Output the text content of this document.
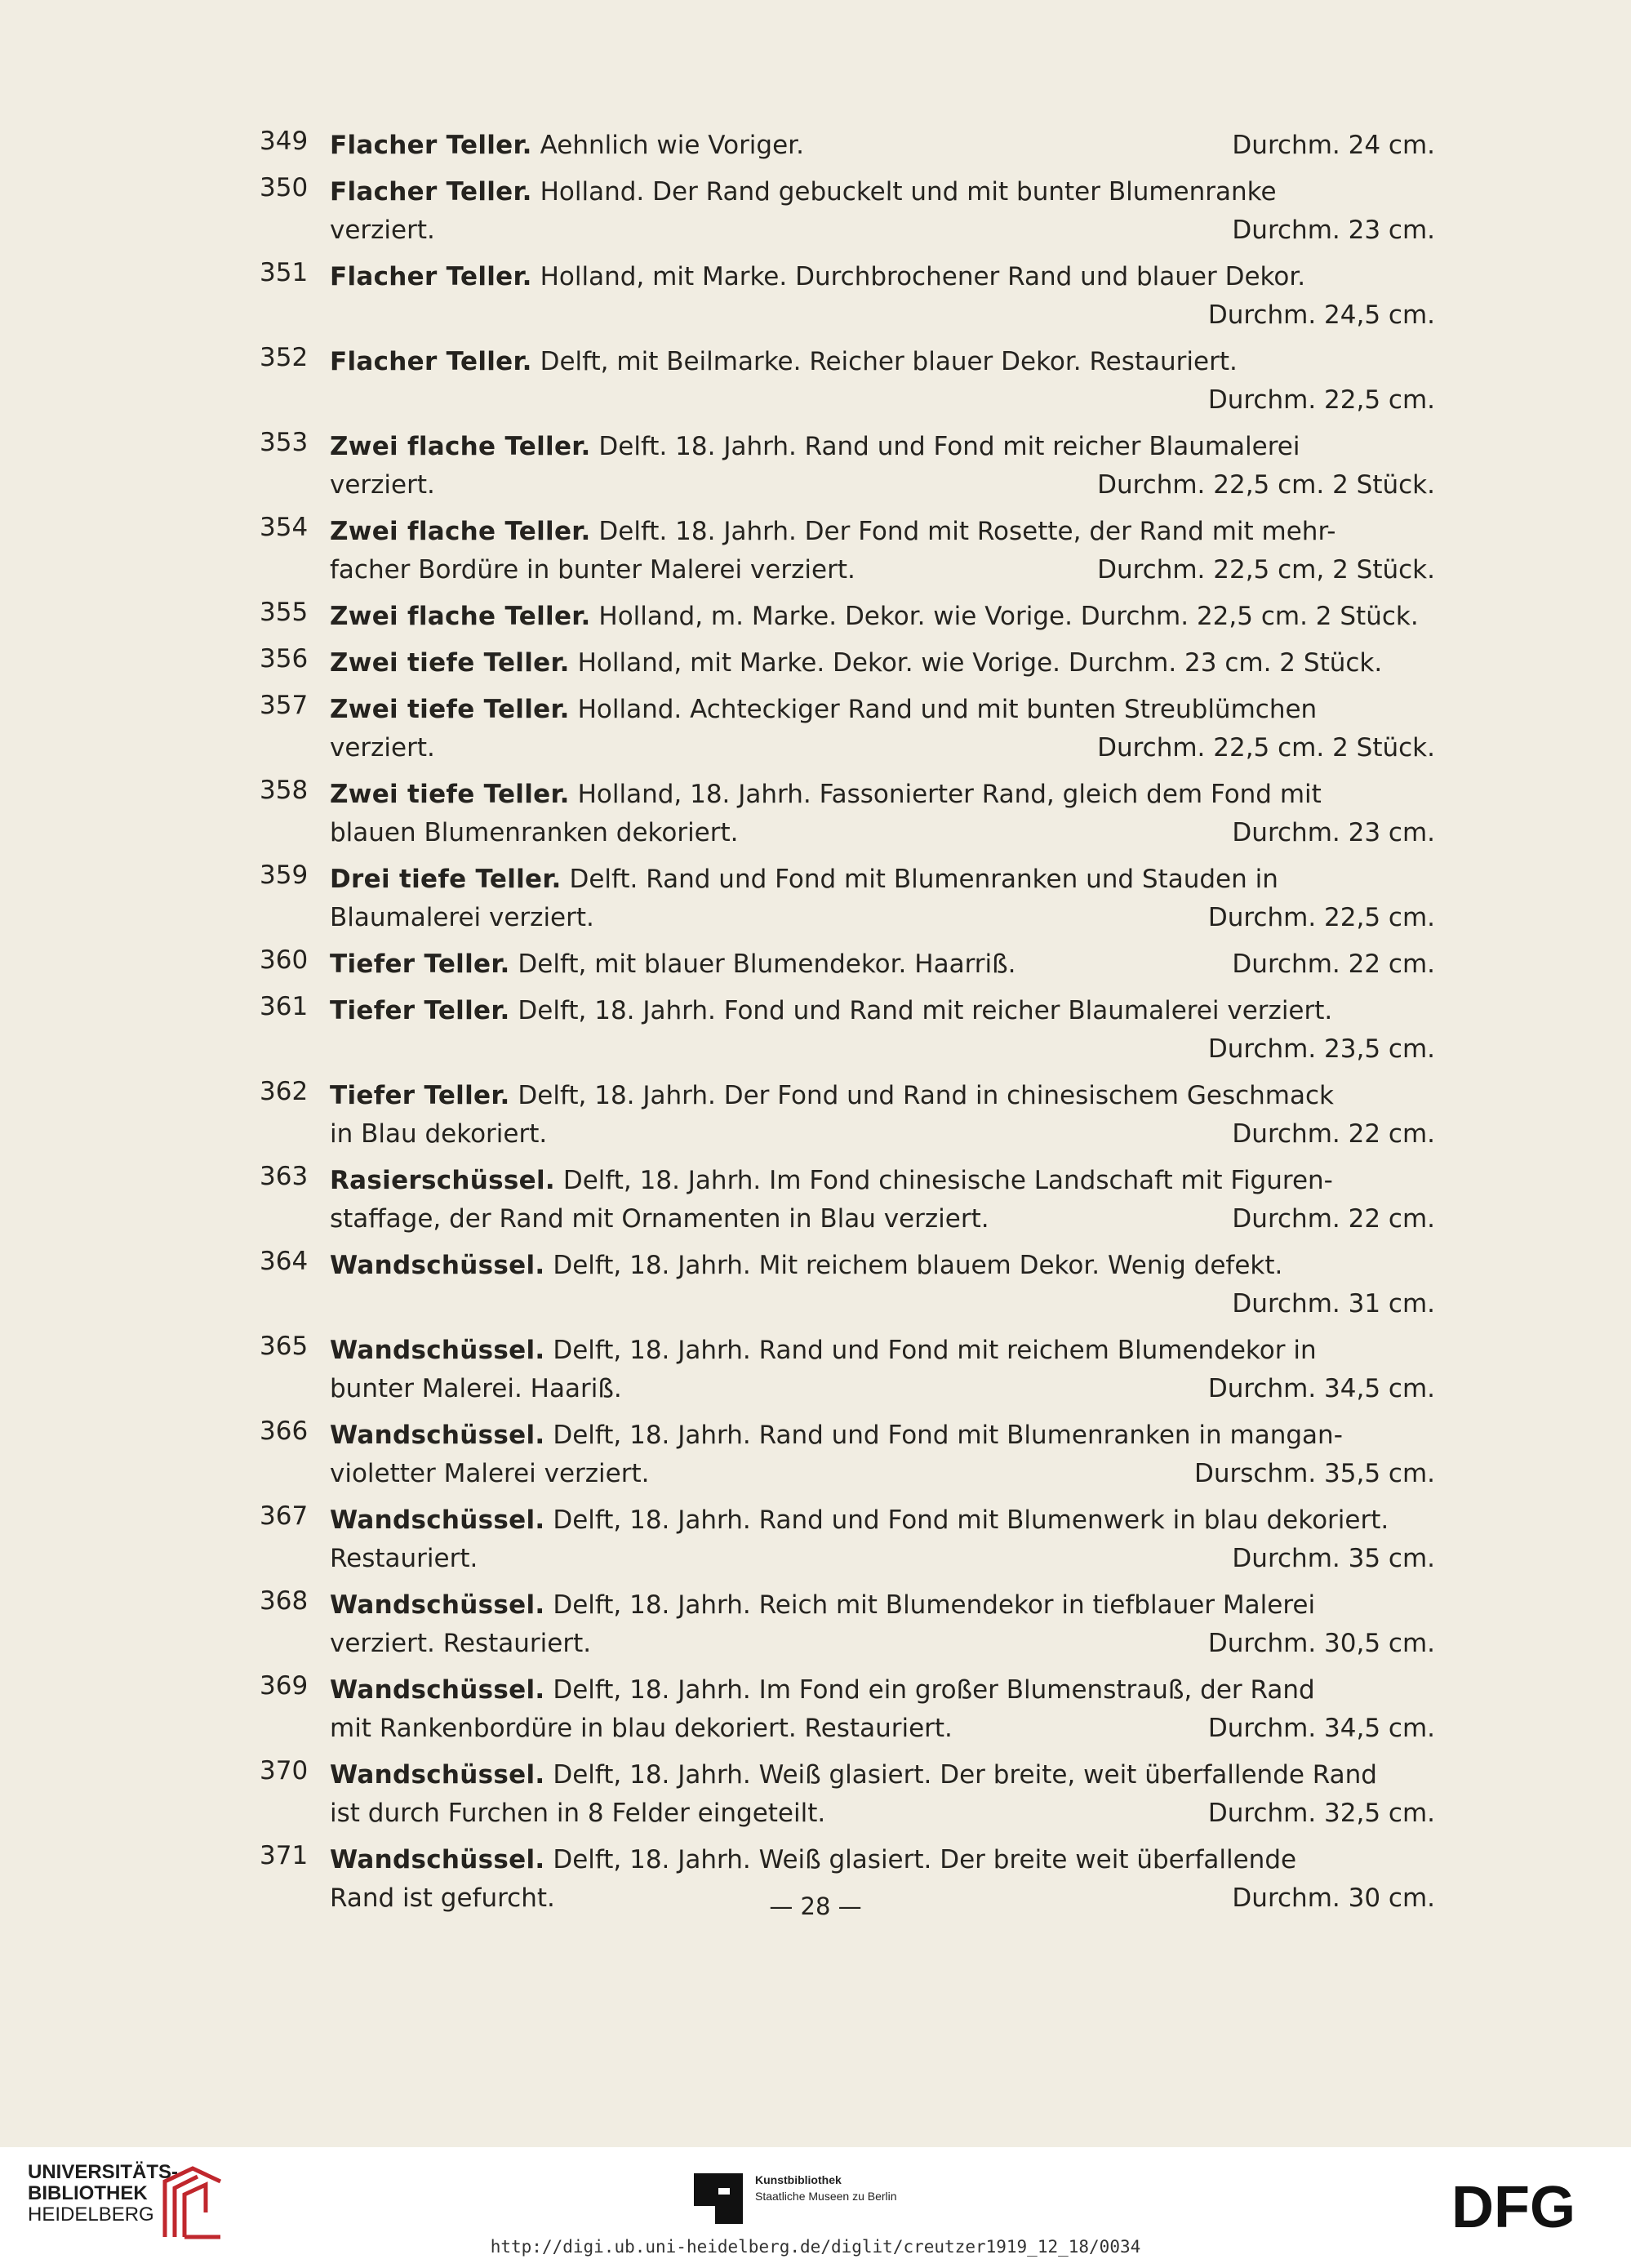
349 Flacher Teller. Aehnlich wie Voriger.	Durchm. 24 cm.
350 Flacher Teller. Holland. Der Rand gebuckelt und mit bunter Blumenranke
verziert.	Durchm. 23 cm.
351 Flacher Teller. Holland, mit Marke. Durchbrochener Rand und blauer Dekor.
Durchm. 24,5 cm.
352 Flacher Teller. Delft, mit Beilmarke. Reicher blauer Dekor. Restauriert.
Durchm. 22,5 cm.
353 Zwei flache Teller. Delft. 18. Jahrh. Rand und Fond mit reicher Blaumalerei
verziert.	Durchm. 22,5 cm. 2 Stück.
354 Zwei flache Teller. Delft. 18. Jahrh. Der Fond mit Rosette, der Rand mit mehr-
facher Bordüre in bunter Malerei verziert.	Durchm. 22,5 cm, 2 Stück.
355 Zwei flache Teller. Holland, m. Marke. Dekor. wie Vorige. Durchm. 22,5 cm. 2 Stück.
356 Zwei tiefe Teller. Holland, mit Marke. Dekor. wie Vorige. Durchm. 23 cm. 2 Stück.
357 Zwei tiefe Teller. Holland. Achteckiger Rand und mit bunten Streublümchen
verziert.	Durchm. 22,5 cm. 2 Stück.
358 Zwei tiefe Teller. Holland, 18. Jahrh. Fassonierter Rand, gleich dem Fond mit
blauen Blumenranken dekoriert.	Durchm. 23 cm.
359 Drei tiefe Teller. Delft. Rand und Fond mit Blumenranken und Stauden in
Blaumalerei verziert.	Durchm. 22,5 cm.
360 Tiefer Teller. Delft, mit blauer Blumendekor. Haarriß.	Durchm. 22 cm.
361 Tiefer Teller. Delft, 18. Jahrh. Fond und Rand mit reicher Blaumalerei verziert.
Durchm. 23,5 cm.
362 Tiefer Teller. Delft, 18. Jahrh. Der Fond und Rand in chinesischem Geschmack
in Blau dekoriert.	Durchm. 22 cm.
363 Rasierschüssel. Delft, 18. Jahrh. Im Fond chinesische Landschaft mit Figuren-
staffage, der Rand mit Ornamenten in Blau verziert.	Durchm. 22 cm.
364 Wandschüssel. Delft, 18. Jahrh. Mit reichem blauem Dekor. Wenig defekt.
Durchm. 31 cm.
365 Wandschüssel. Delft, 18. Jahrh. Rand und Fond mit reichem Blumendekor in
bunter Malerei. Haariß.	Durchm. 34,5 cm.
366 Wandschüssel. Delft, 18. Jahrh. Rand und Fond mit Blumenranken in mangan-
violetter Malerei verziert.	Durschm. 35,5 cm.
367 Wandschüssel. Delft, 18. Jahrh. Rand und Fond mit Blumenwerk in blau dekoriert.
Restauriert.	Durchm. 35 cm.
368 Wandschüssel. Delft, 18. Jahrh. Reich mit Blumendekor in tiefblauer Malerei
verziert. Restauriert.	Durchm. 30,5 cm.
369 Wandschüssel. Delft, 18. Jahrh. Im Fond ein großer Blumenstrauß, der Rand
mit Rankenbordüre in blau dekoriert. Restauriert.	Durchm. 34,5 cm.
370 Wandschüssel. Delft, 18. Jahrh. Weiß glasiert. Der breite, weit überfallende Rand
ist durch Furchen in 8 Felder eingeteilt.	Durchm. 32,5 cm.
371 Wandschüssel. Delft, 18. Jahrh. Weiß glasiert. Der breite weit überfallende
Rand ist gefurcht.	Durchm. 30 cm.
— 28 —
UNIVERSITÄTS-
BIBLIOTHEK
HEIDELBERG
Kunstbibliothek
Staatliche Museen zu Berlin	DFG
http://digi.ub.uni-heidelberg.de/diglit/creutzer1919_12_18/0034
